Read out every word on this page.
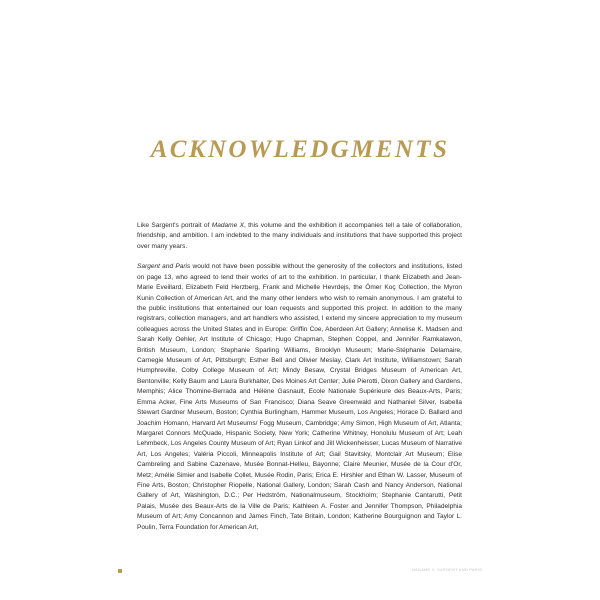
ACKNOWLEDGMENTS

Like Sargent's portrait of Madame X, this volume and the exhibition it accompanies tell a tale of collaboration, friendship, and ambition. I am indebted to the many individuals and institutions that have supported this project over many years.

Sargent and Paris would not have been possible without the generosity of the collectors and institutions, listed on page 13, who agreed to lend their works of art to the exhibition. In particular, I thank Elizabeth and Jean-Marie Eveillard, Elizabeth Feld Herzberg, Frank and Michelle Hevrdejs, the Ömer Koç Collection, the Myron Kunin Collection of American Art, and the many other lenders who wish to remain anonymous. I am grateful to the public institutions that entertained our loan requests and supported this project. In addition to the many registrars, collection managers, and art handlers who assisted, I extend my sincere appreciation to my museum colleagues across the United States and in Europe: Griffin Coe, Aberdeen Art Gallery; Annelise K. Madsen and Sarah Kelly Oehler, Art Institute of Chicago; Hugo Chapman, Stephen Coppel, and Jennifer Ramkalawon, British Museum, London; Stephanie Sparling Williams, Brooklyn Museum; Marie-Stéphanie Delamaire, Carnegie Museum of Art, Pittsburgh; Esther Bell and Olivier Meslay, Clark Art Institute, Williamstown; Sarah Humphreville, Colby College Museum of Art; Mindy Besaw, Crystal Bridges Museum of American Art, Bentonville; Kelly Baum and Laura Burkhalter, Des Moines Art Center; Julie Pierotti, Dixon Gallery and Gardens, Memphis; Alice Thomine-Berrada and Hélène Gasnault, Ecole Nationale Supérieure des Beaux-Arts, Paris; Emma Acker, Fine Arts Museums of San Francisco; Diana Seave Greenwald and Nathaniel Silver, Isabella Stewart Gardner Museum, Boston; Cynthia Burlingham, Hammer Museum, Los Angeles; Horace D. Ballard and Joachim Homann, Harvard Art Museums/ Fogg Museum, Cambridge; Amy Simon, High Museum of Art, Atlanta; Margaret Connors McQuade, Hispanic Society, New York; Catherine Whitney, Honolulu Museum of Art; Leah Lehmbeck, Los Angeles County Museum of Art; Ryan Linkof and Jill Wickenheisser, Lucas Museum of Narrative Art, Los Angeles; Valéria Piccoli, Minneapolis Institute of Art; Gail Stavitsky, Montclair Art Museum; Elise Cambreling and Sabine Cazenave, Musée Bonnat-Helleu, Bayonne; Claire Meunier, Musée de la Cour d'Or, Metz; Amélie Simier and Isabelle Collet, Musée Rodin, Paris; Erica E. Hirshler and Ethan W. Lasser, Museum of Fine Arts, Boston; Christopher Riopelle, National Gallery, London; Sarah Cash and Nancy Anderson, National Gallery of Art, Washington, D.C.; Per Hedström, Nationalmuseum, Stockholm; Stephanie Cantarutti, Petit Palais, Musée des Beaux-Arts de la Ville de Paris; Kathleen A. Foster and Jennifer Thompson, Philadelphia Museum of Art; Amy Concannon and James Finch, Tate Britain, London; Katherine Bourguignon and Taylor L. Poulin, Terra Foundation for American Art,

MADAME X, SARGENT AND PARIS
